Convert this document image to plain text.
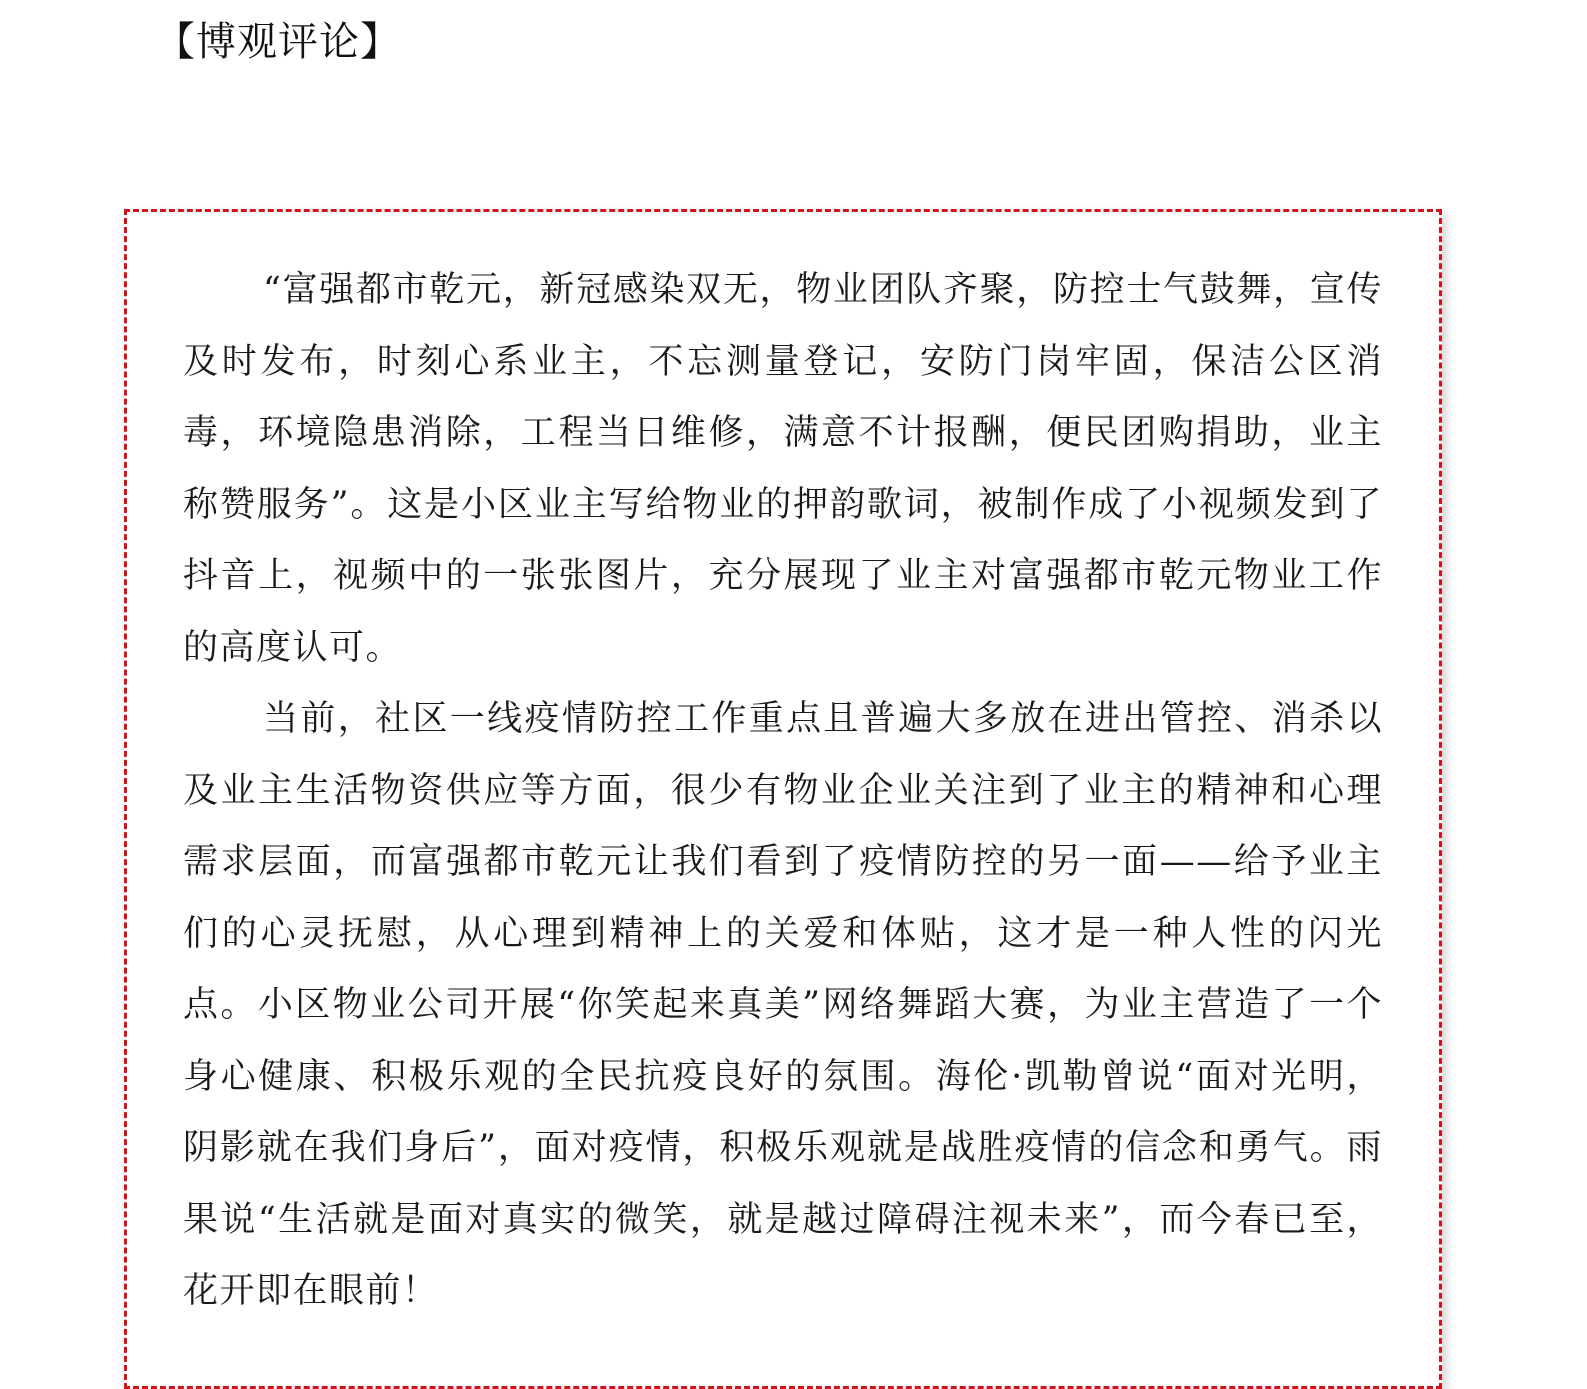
【博观评论】

“富强都市乾元，新冠感染双无，物业团队齐聚，防控士气鼓舞，宣传及时发布，时刻心系业主，不忘测量登记，安防门岗牢固，保洁公区消毒，环境隐患消除，工程当日维修，满意不计报酬，便民团购捐助，业主称赞服务”。这是小区业主写给物业的押韵歌词，被制作成了小视频发到了抖音上，视频中的一张张图片，充分展现了业主对富强都市乾元物业工作的高度认可。

当前，社区一线疫情防控工作重点且普遍大多放在进出管控、消杀以及业主生活物资供应等方面，很少有物业企业关注到了业主的精神和心理需求层面，而富强都市乾元让我们看到了疫情防控的另一面——给予业主们的心灵抚慰，从心理到精神上的关爱和体贴，这才是一种人性的闪光点。小区物业公司开展“你笑起来真美”网络舞蹈大赛，为业主营造了一个身心健康、积极乐观的全民抗疫良好的氛围。海伦·凯勒曾说“面对光明，阴影就在我们身后”，面对疫情，积极乐观就是战胜疫情的信念和勇气。雨果说“生活就是面对真实的微笑，就是越过障碍注视未来”，而今春已至，花开即在眼前！
